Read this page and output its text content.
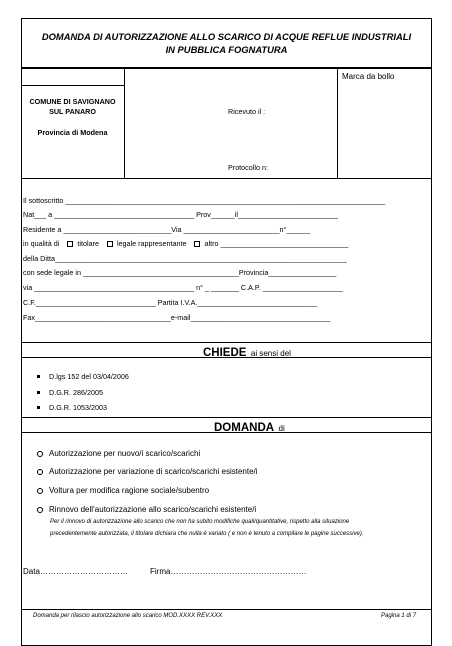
DOMANDA DI AUTORIZZAZIONE ALLO SCARICO DI ACQUE REFLUE INDUSTRIALI
IN PUBBLICA FOGNATURA
Marca da bollo
COMUNE DI SAVIGNANO
SUL PANARO
Provincia di Modena
Ricevuto il :
Protocollo n:
Il sottoscritto ________________________________________________________________________________
Nat___ a ___________________________________ Prov______il_________________________
Residente a ___________________________Via ________________________n°______
in qualità di	titolare	legale rappresentante	altro ________________________________
della Ditta_________________________________________________________________________
con sede legale in _______________________________________Provincia_________________
via ________________________________________ n° _ _______ C.A.P. ____________________
C.F.______________________________ Partita I.V.A.______________________________
Fax__________________________________e-mail___________________________________
CHIEDE ai sensi del
D.lgs 152 del 03/04/2006
D.G.R. 286/2005
D.G.R. 1053/2003
DOMANDA di
Autorizzazione per nuovo/i scarico/scarichi
Autorizzazione per variazione di scarico/scarichi esistente/i
Voltura per modifica ragione sociale/subentro
Rinnovo dell’autorizzazione allo scarico/scarichi esistente/i
Per il rinnovo di autorizzazione allo scarico che non ha subito modifiche quali/quantitative, rispetto alla situazione
precedentemente autorizzata, il titolare dichiara che nulla è variato ( e non è tenuto a compilare le pagine successive).
Data……………………………	Firma……………………………………………
Domanda per rilascio autorizzazione allo scarico MOD.XXXX REV.XXX	Pagina 1 di 7
